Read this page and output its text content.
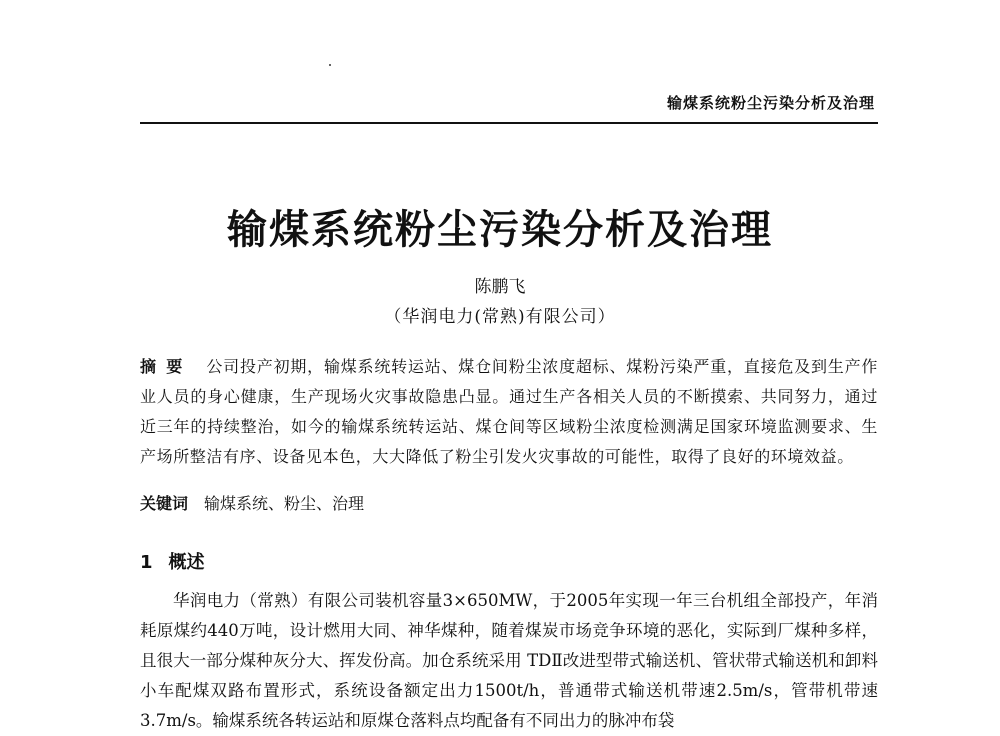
输煤系统粉尘污染分析及治理
输煤系统粉尘污染分析及治理
陈鹏飞
（华润电力(常熟)有限公司）
摘要 公司投产初期，输煤系统转运站、煤仓间粉尘浓度超标、煤粉污染严重，直接危及到生产作业人员的身心健康，生产现场火灾事故隐患凸显。通过生产各相关人员的不断摸索、共同努力，通过近三年的持续整治，如今的输煤系统转运站、煤仓间等区域粉尘浓度检测满足国家环境监测要求、生产场所整洁有序、设备见本色，大大降低了粉尘引发火灾事故的可能性，取得了良好的环境效益。
关键词 输煤系统、粉尘、治理
1 概述
华润电力（常熟）有限公司装机容量3×650MW，于2005年实现一年三台机组全部投产，年消耗原煤约440万吨，设计燃用大同、神华煤种，随着煤炭市场竞争环境的恶化，实际到厂煤种多样，且很大一部分煤种灰分大、挥发份高。加仓系统采用 TDⅡ改进型带式输送机、管状带式输送机和卸料小车配煤双路布置形式，系统设备额定出力1500t/h，普通带式输送机带速2.5m/s，管带机带速 3.7m/s。输煤系统各转运站和原煤仓落料点均配备有不同出力的脉冲布袋
